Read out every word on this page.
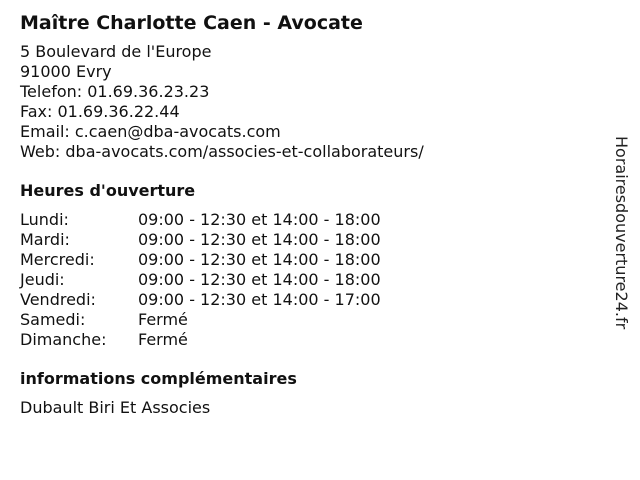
Maître Charlotte Caen - Avocate
5 Boulevard de l'Europe
91000 Evry
Telefon: 01.69.36.23.23
Fax: 01.69.36.22.44
Email: c.caen@dba-avocats.com
Web: dba-avocats.com/associes-et-collaborateurs/
Heures d'ouverture
Lundi:	09:00 - 12:30 et 14:00 - 18:00
Mardi:	09:00 - 12:30 et 14:00 - 18:00
Mercredi:	09:00 - 12:30 et 14:00 - 18:00
Jeudi:	09:00 - 12:30 et 14:00 - 18:00
Vendredi:	09:00 - 12:30 et 14:00 - 17:00
Samedi:	Fermé
Dimanche:	Fermé
informations complémentaires
Dubault Biri Et Associes
Horairesdouverture24.fr
